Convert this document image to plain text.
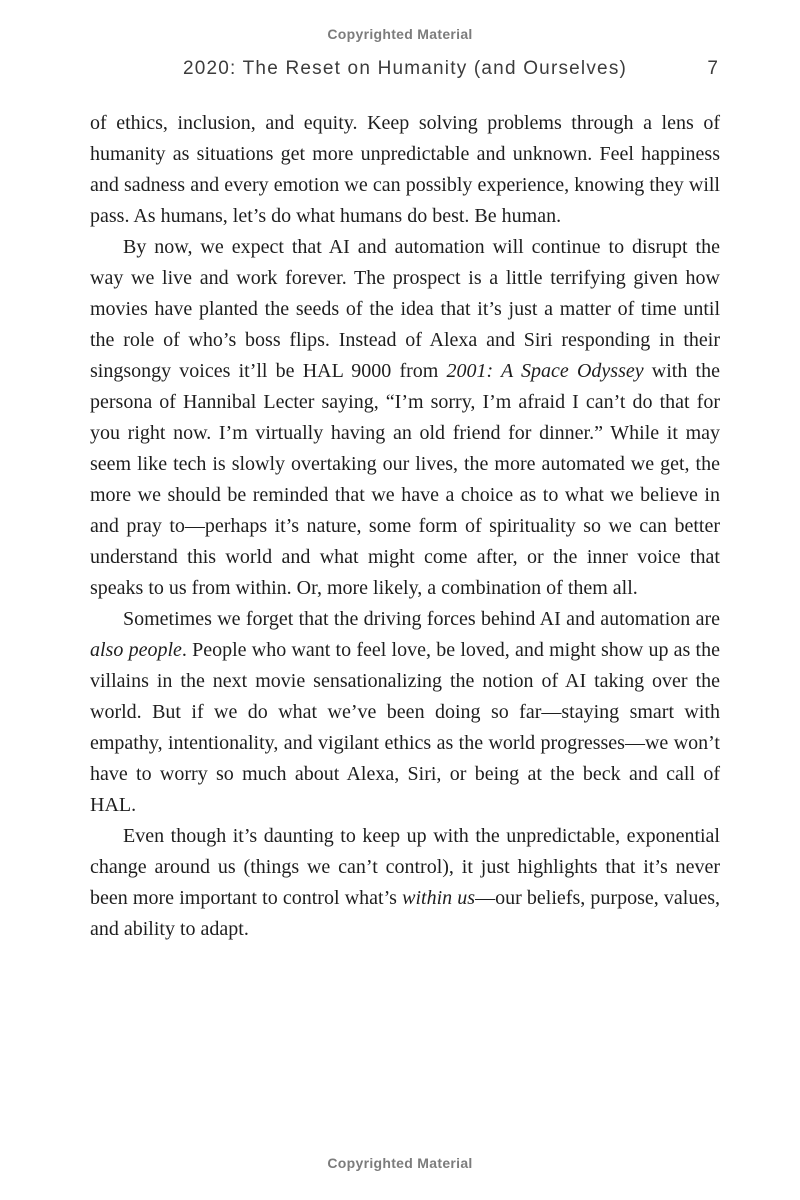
Copyrighted Material
2020: The Reset on Humanity (and Ourselves)	7

of ethics, inclusion, and equity. Keep solving problems through a lens of humanity as situations get more unpredictable and unknown. Feel happiness and sadness and every emotion we can possibly experience, knowing they will pass. As humans, let’s do what humans do best. Be human.

By now, we expect that AI and automation will continue to disrupt the way we live and work forever. The prospect is a little terrifying given how movies have planted the seeds of the idea that it’s just a matter of time until the role of who’s boss flips. Instead of Alexa and Siri responding in their singsongy voices it’ll be HAL 9000 from 2001: A Space Odyssey with the persona of Hannibal Lecter saying, “I’m sorry, I’m afraid I can’t do that for you right now. I’m virtually having an old friend for dinner.” While it may seem like tech is slowly overtaking our lives, the more automated we get, the more we should be reminded that we have a choice as to what we believe in and pray to—perhaps it’s nature, some form of spirituality so we can better understand this world and what might come after, or the inner voice that speaks to us from within. Or, more likely, a combination of them all.

Sometimes we forget that the driving forces behind AI and automation are also people. People who want to feel love, be loved, and might show up as the villains in the next movie sensationalizing the notion of AI taking over the world. But if we do what we’ve been doing so far—staying smart with empathy, intentionality, and vigilant ethics as the world progresses—we won’t have to worry so much about Alexa, Siri, or being at the beck and call of HAL.

Even though it’s daunting to keep up with the unpredictable, exponential change around us (things we can’t control), it just highlights that it’s never been more important to control what’s within us—our beliefs, purpose, values, and ability to adapt.

Copyrighted Material
